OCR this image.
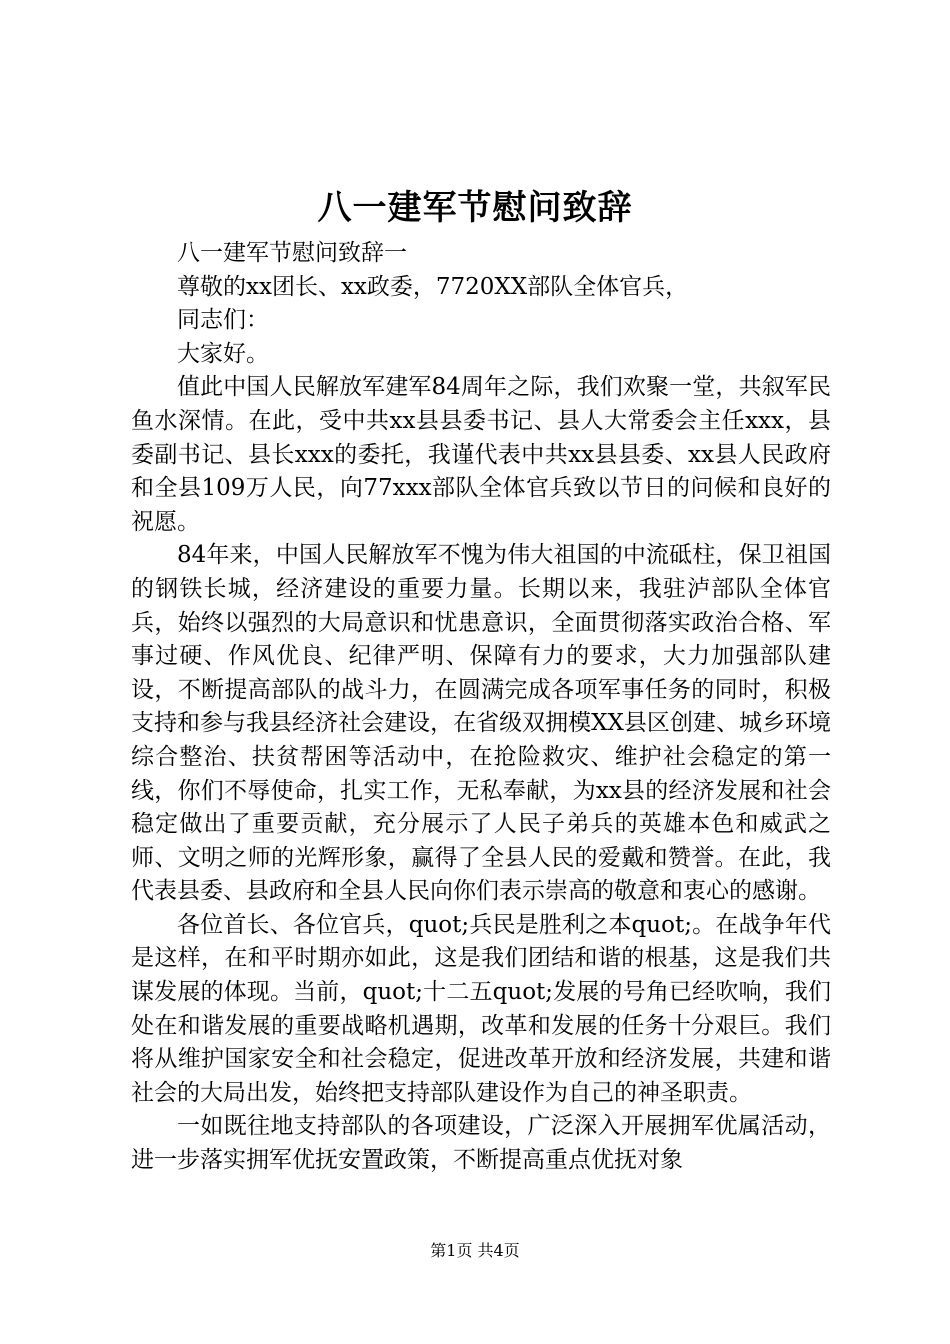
八一建军节慰问致辞

八一建军节慰问致辞一

尊敬的xx团长、xx政委，7720XX部队全体官兵，

同志们：

大家好。

值此中国人民解放军建军84周年之际，我们欢聚一堂，共叙军民鱼水深情。在此，受中共xx县县委书记、县人大常委会主任xxx，县委副书记、县长xxx的委托，我谨代表中共xx县县委、xx县人民政府和全县109万人民，向77xxx部队全体官兵致以节日的问候和良好的祝愿。

84年来，中国人民解放军不愧为伟大祖国的中流砥柱，保卫祖国的钢铁长城，经济建设的重要力量。长期以来，我驻泸部队全体官兵，始终以强烈的大局意识和忧患意识，全面贯彻落实政治合格、军事过硬、作风优良、纪律严明、保障有力的要求，大力加强部队建设，不断提高部队的战斗力，在圆满完成各项军事任务的同时，积极支持和参与我县经济社会建设，在省级双拥模XX县区创建、城乡环境综合整治、扶贫帮困等活动中，在抢险救灾、维护社会稳定的第一线，你们不辱使命，扎实工作，无私奉献，为xx县的经济发展和社会稳定做出了重要贡献，充分展示了人民子弟兵的英雄本色和威武之师、文明之师的光辉形象，赢得了全县人民的爱戴和赞誉。在此，我代表县委、县政府和全县人民向你们表示崇高的敬意和衷心的感谢。

各位首长、各位官兵，quot;兵民是胜利之本quot;。在战争年代是这样，在和平时期亦如此，这是我们团结和谐的根基，这是我们共谋发展的体现。当前，quot;十二五quot;发展的号角已经吹响，我们处在和谐发展的重要战略机遇期，改革和发展的任务十分艰巨。我们将从维护国家安全和社会稳定，促进改革开放和经济发展，共建和谐社会的大局出发，始终把支持部队建设作为自己的神圣职责。

一如既往地支持部队的各项建设，广泛深入开展拥军优属活动，进一步落实拥军优抚安置政策，不断提高重点优抚对象

第1页 共4页
